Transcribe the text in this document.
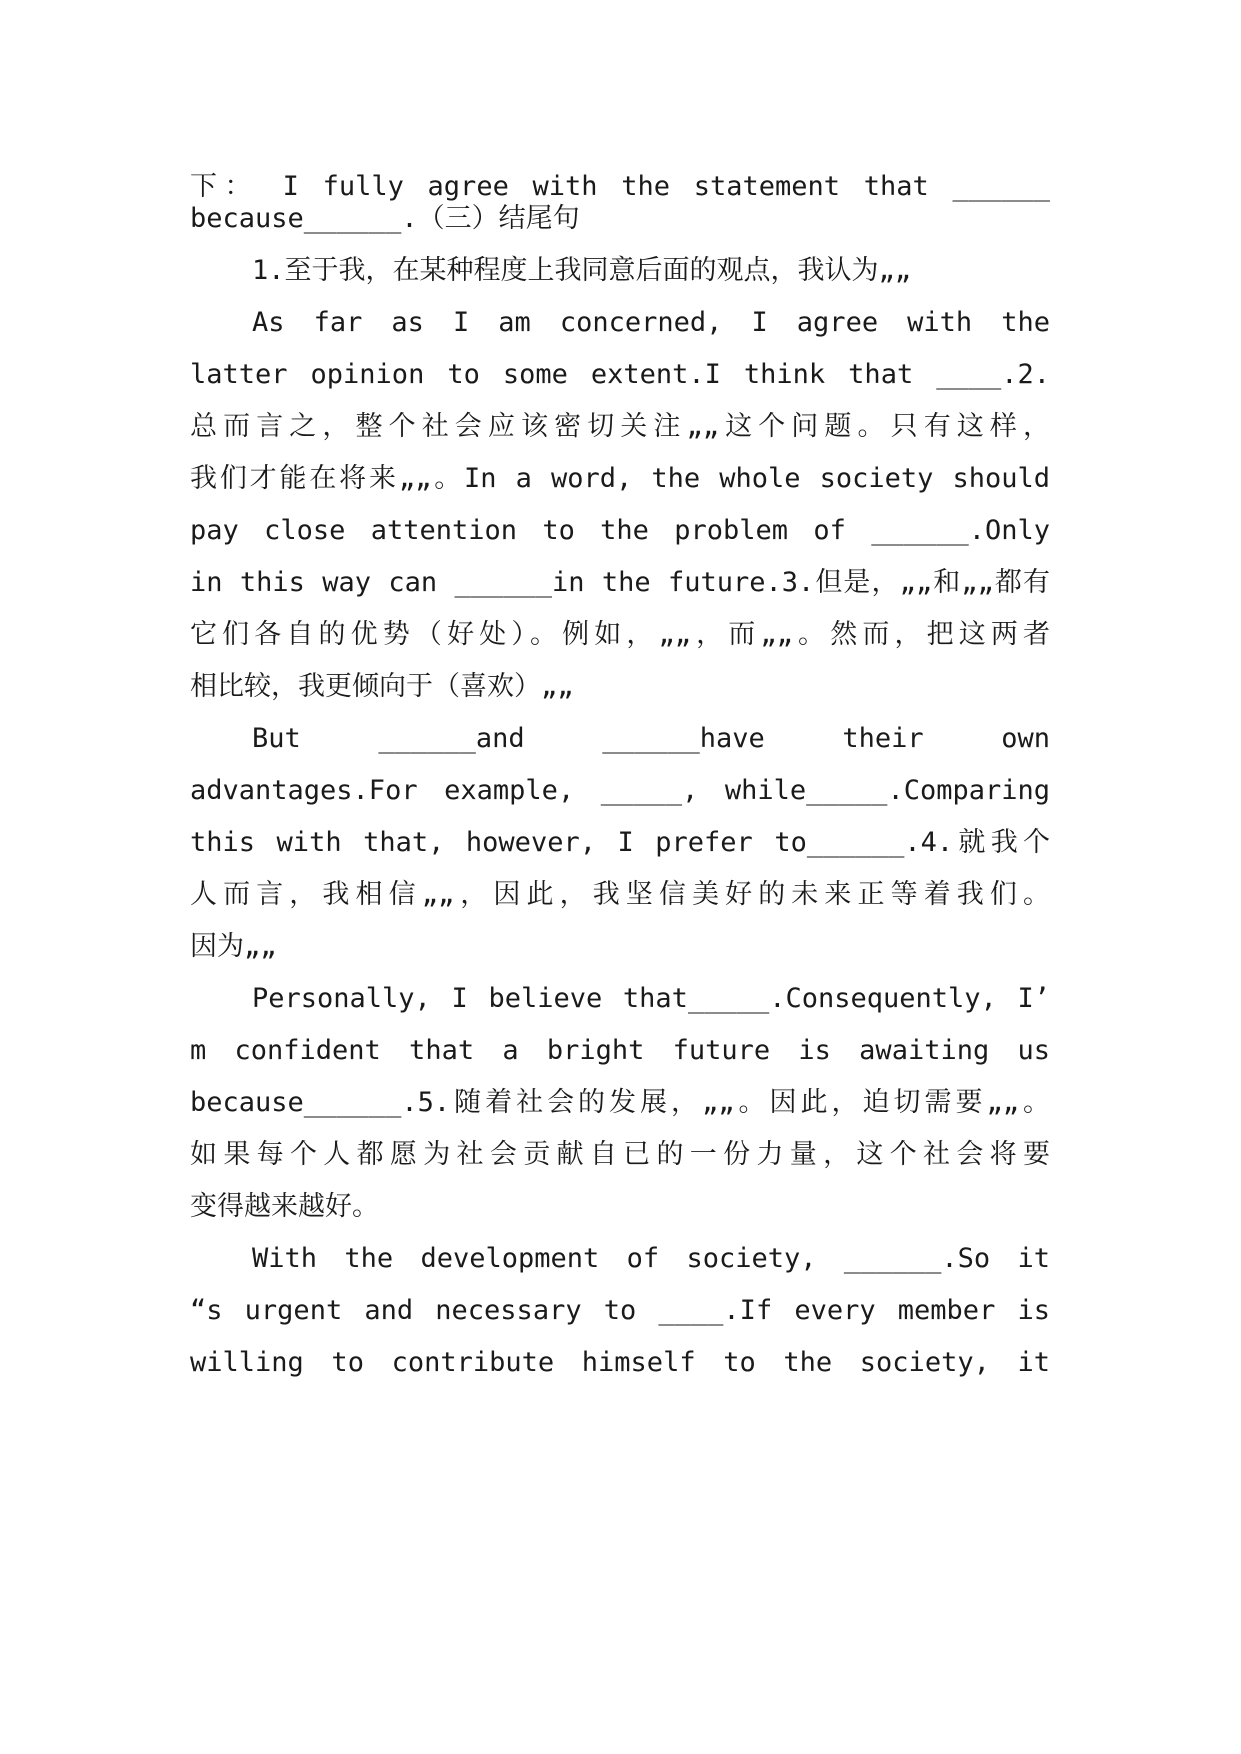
下： I fully agree with the statement that ______
because______.（三）结尾句
1.至于我，在某种程度上我同意后面的观点，我认为„„
As far as I am concerned, I agree with the
latter opinion to some extent.I think that ____.2.
总而言之，整个社会应该密切关注„„这个问题。只有这样，
我们才能在将来„„。In a word, the whole society should
pay close attention to the problem of ______.Only
in this way can ______in the future.3.但是，„„和„„都有
它们各自的优势（好处）。例如，„„，而„„。然而，把这两者
相比较，我更倾向于（喜欢）„„
But ______and ______have their own
advantages.For example, _____, while_____.Comparing
this with that, however, I prefer to______.4.就我个
人而言，我相信„„，因此，我坚信美好的未来正等着我们。
因为„„
Personally, I believe that_____.Consequently, I’
m confident that a bright future is awaiting us
because______.5.随着社会的发展，„„。因此，迫切需要„„。
如果每个人都愿为社会贡献自已的一份力量，这个社会将要
变得越来越好。
With the development of society, ______.So it
“s urgent and necessary to ____.If every member is
willing to contribute himself to the society, it
